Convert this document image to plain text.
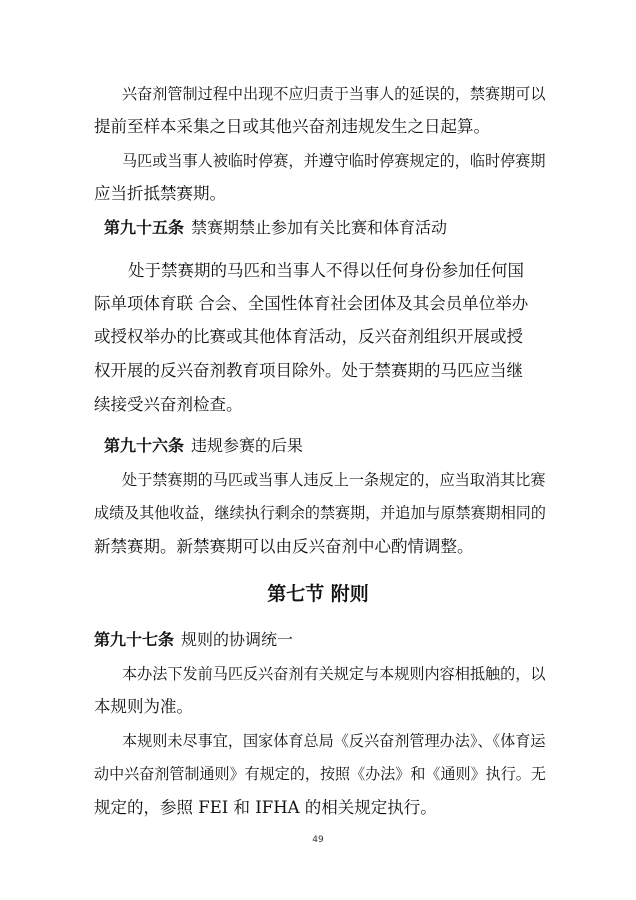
兴奋剂管制过程中出现不应归责于当事人的延误的，禁赛期可以
提前至样本采集之日或其他兴奋剂违规发生之日起算。
马匹或当事人被临时停赛，并遵守临时停赛规定的，临时停赛期
应当折抵禁赛期。
第九十五条 禁赛期禁止参加有关比赛和体育活动
处于禁赛期的马匹和当事人不得以任何身份参加任何国
际单项体育联 合会、全国性体育社会团体及其会员单位举办
或授权举办的比赛或其他体育活动，反兴奋剂组织开展或授
权开展的反兴奋剂教育项目除外。处于禁赛期的马匹应当继
续接受兴奋剂检查。
第九十六条 违规参赛的后果
处于禁赛期的马匹或当事人违反上一条规定的，应当取消其比赛
成绩及其他收益，继续执行剩余的禁赛期，并追加与原禁赛期相同的
新禁赛期。新禁赛期可以由反兴奋剂中心酌情调整。
第七节 附则
第九十七条 规则的协调统一
本办法下发前马匹反兴奋剂有关规定与本规则内容相抵触的，以
本规则为准。
本规则未尽事宜，国家体育总局《反兴奋剂管理办法》、《体育运
动中兴奋剂管制通则》有规定的，按照《办法》和《通则》执行。无
规定的，参照 FEI 和 IFHA 的相关规定执行。
49
